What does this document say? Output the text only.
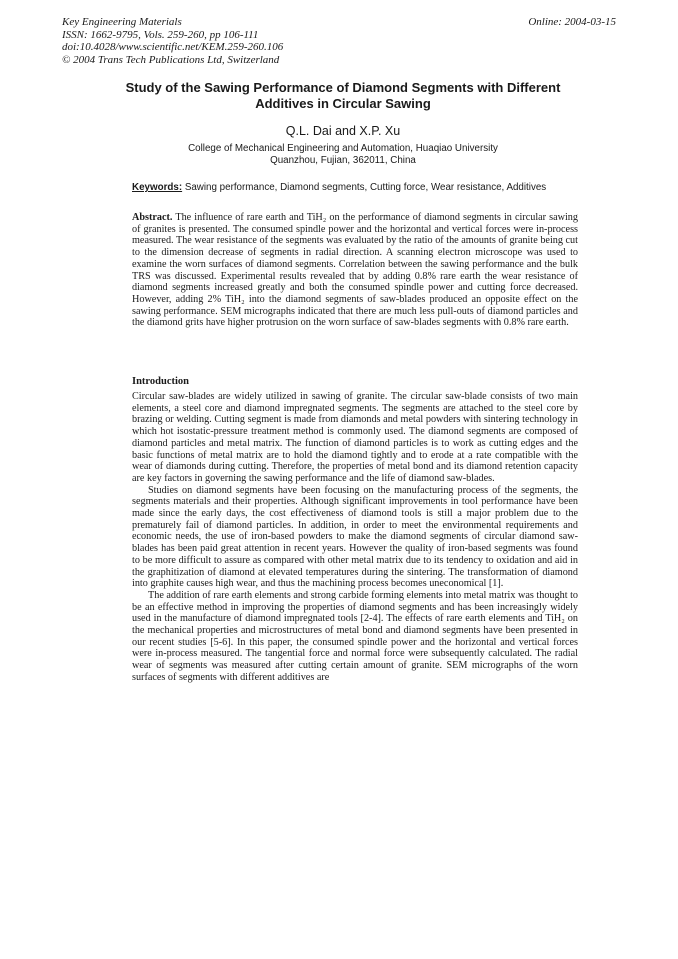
Key Engineering Materials
ISSN: 1662-9795, Vols. 259-260, pp 106-111
doi:10.4028/www.scientific.net/KEM.259-260.106
© 2004 Trans Tech Publications Ltd, Switzerland
Online: 2004-03-15
Study of the Sawing Performance of Diamond Segments with Different Additives in Circular Sawing
Q.L. Dai and X.P. Xu
College of Mechanical Engineering and Automation, Huaqiao University
Quanzhou, Fujian, 362011, China
Keywords: Sawing performance, Diamond segments, Cutting force, Wear resistance, Additives
Abstract. The influence of rare earth and TiH₂ on the performance of diamond segments in circular sawing of granites is presented. The consumed spindle power and the horizontal and vertical forces were in-process measured. The wear resistance of the segments was evaluated by the ratio of the amounts of granite being cut to the dimension decrease of segments in radial direction. A scanning electron microscope was used to examine the worn surfaces of diamond segments. Correlation between the sawing performance and the bulk TRS was discussed. Experimental results revealed that by adding 0.8% rare earth the wear resistance of diamond segments increased greatly and both the consumed spindle power and cutting force decreased. However, adding 2% TiH₂ into the diamond segments of saw-blades produced an opposite effect on the sawing performance. SEM micrographs indicated that there are much less pull-outs of diamond particles and the diamond grits have higher protrusion on the worn surface of saw-blades segments with 0.8% rare earth.
Introduction

Circular saw-blades are widely utilized in sawing of granite. The circular saw-blade consists of two main elements, a steel core and diamond impregnated segments. The segments are attached to the steel core by brazing or welding. Cutting segment is made from diamonds and metal powders with sintering technology in which hot isostatic-pressure treatment method is commonly used. The diamond segments are composed of diamond particles and metal matrix. The function of diamond particles is to work as cutting edges and the basic functions of metal matrix are to hold the diamond tightly and to erode at a rate compatible with the wear of diamonds during cutting. Therefore, the properties of metal bond and its diamond retention capacity are key factors in governing the sawing performance and the life of diamond saw-blades.

Studies on diamond segments have been focusing on the manufacturing process of the segments, the segments materials and their properties. Although significant improvements in tool performance have been made since the early days, the cost effectiveness of diamond tools is still a major problem due to the prematurely fail of diamond particles. In addition, in order to meet the environmental requirements and economic needs, the use of iron-based powders to make the diamond segments of circular diamond saw-blades has been paid great attention in recent years. However the quality of iron-based segments was found to be more difficult to assure as compared with other metal matrix due to its tendency to oxidation and aid in the graphitization of diamond at elevated temperatures during the sintering. The transformation of diamond into graphite causes high wear, and thus the machining process becomes uneconomical [1].

The addition of rare earth elements and strong carbide forming elements into metal matrix was thought to be an effective method in improving the properties of diamond segments and has been increasingly widely used in the manufacture of diamond impregnated tools [2-4]. The effects of rare earth elements and TiH₂ on the mechanical properties and microstructures of metal bond and diamond segments have been presented in our recent studies [5-6]. In this paper, the consumed spindle power and the horizontal and vertical forces were in-process measured. The tangential force and normal force were subsequently calculated. The radial wear of segments was measured after cutting certain amount of granite. SEM micrographs of the worn surfaces of segments with different additives are
